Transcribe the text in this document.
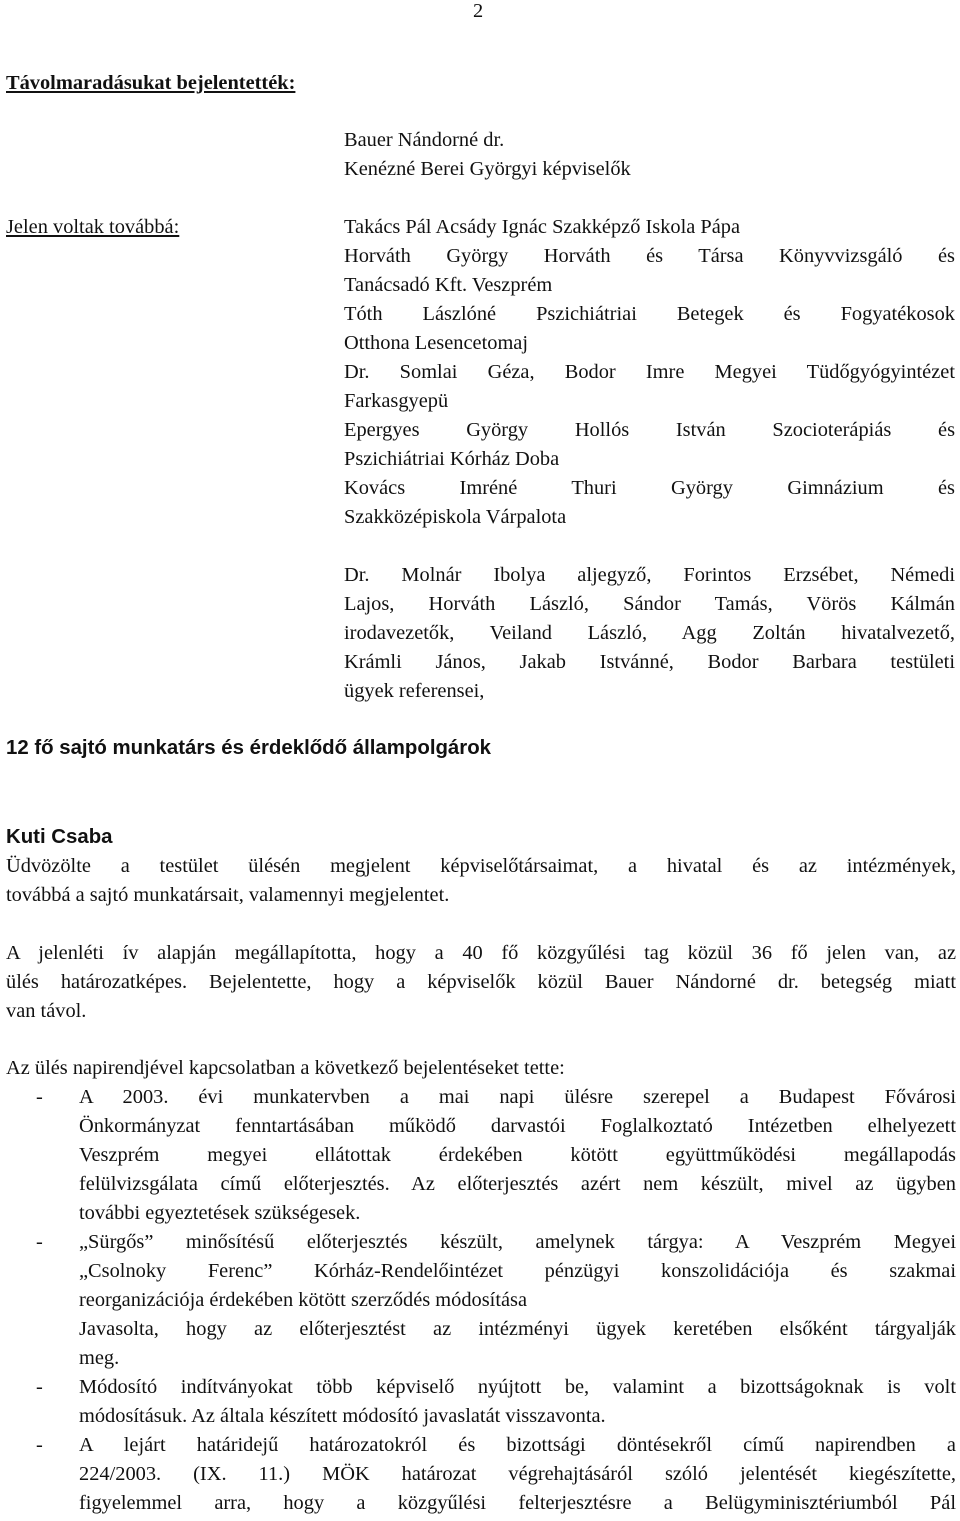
2
Távolmaradásukat bejelentették:
Bauer Nándorné dr.
Kenézné Berei Györgyi képviselők
Jelen voltak továbbá:	Takács Pál Acsády Ignác Szakképző Iskola Pápa
Horváth György Horváth és Társa Könyvvizsgáló és
Tanácsadó Kft. Veszprém
Tóth Lászlóné Pszichiátriai Betegek és Fogyatékosok
Otthona Lesencetomaj
Dr. Somlai Géza, Bodor Imre Megyei Tüdőgyógyintézet
Farkasgyepü
Epergyes György Hollós István Szocioterápiás és
Pszichiátriai Kórház Doba
Kovács Imréné Thuri György Gimnázium és
Szakközépiskola Várpalota
Dr. Molnár Ibolya aljegyző, Forintos Erzsébet, Némedi
Lajos, Horváth László, Sándor Tamás, Vörös Kálmán
irodavezetők, Veiland László, Agg Zoltán hivatalvezető,
Krámli János, Jakab Istvánné, Bodor Barbara testületi
ügyek referensei,
12 fő sajtó munkatárs és érdeklődő állampolgárok
Kuti Csaba
Üdvözölte a testület ülésén megjelent képviselőtársaimat, a hivatal és az intézmények,
továbbá a sajtó munkatársait, valamennyi megjelentet.
A jelenléti ív alapján megállapította, hogy a 40 fő közgyűlési tag közül 36 fő jelen van, az
ülés határozatképes. Bejelentette, hogy a képviselők közül Bauer Nándorné dr. betegség miatt
van távol.
Az ülés napirendjével kapcsolatban a következő bejelentéseket tette:
- A 2003. évi munkatervben a mai napi ülésre szerepel a Budapest Fővárosi
Önkormányzat fenntartásában működő darvastói Foglalkoztató Intézetben elhelyezett
Veszprém megyei ellátottak érdekében kötött együttműködési megállapodás
felülvizsgálata című előterjesztés. Az előterjesztés azért nem készült, mivel az ügyben
további egyeztetések szükségesek.
- „Sürgős” minősítésű előterjesztés készült, amelynek tárgya: A Veszprém Megyei
„Csolnoky Ferenc” Kórház-Rendelőintézet pénzügyi konszolidációja és szakmai
reorganizációja érdekében kötött szerződés módosítása
Javasolta, hogy az előterjesztést az intézményi ügyek keretében elsőként tárgyalják
meg.
- Módosító indítványokat több képviselő nyújtott be, valamint a bizottságoknak is volt
módosításuk. Az általa készített módosító javaslatát visszavonta.
- A lejárt határidejű határozatokról és bizottsági döntésekről című napirendben a
224/2003. (IX. 11.) MÖK határozat végrehajtásáról szóló jelentését kiegészítette,
figyelemmel arra, hogy a közgyűlési felterjesztésre a Belügyminisztériumból Pál
